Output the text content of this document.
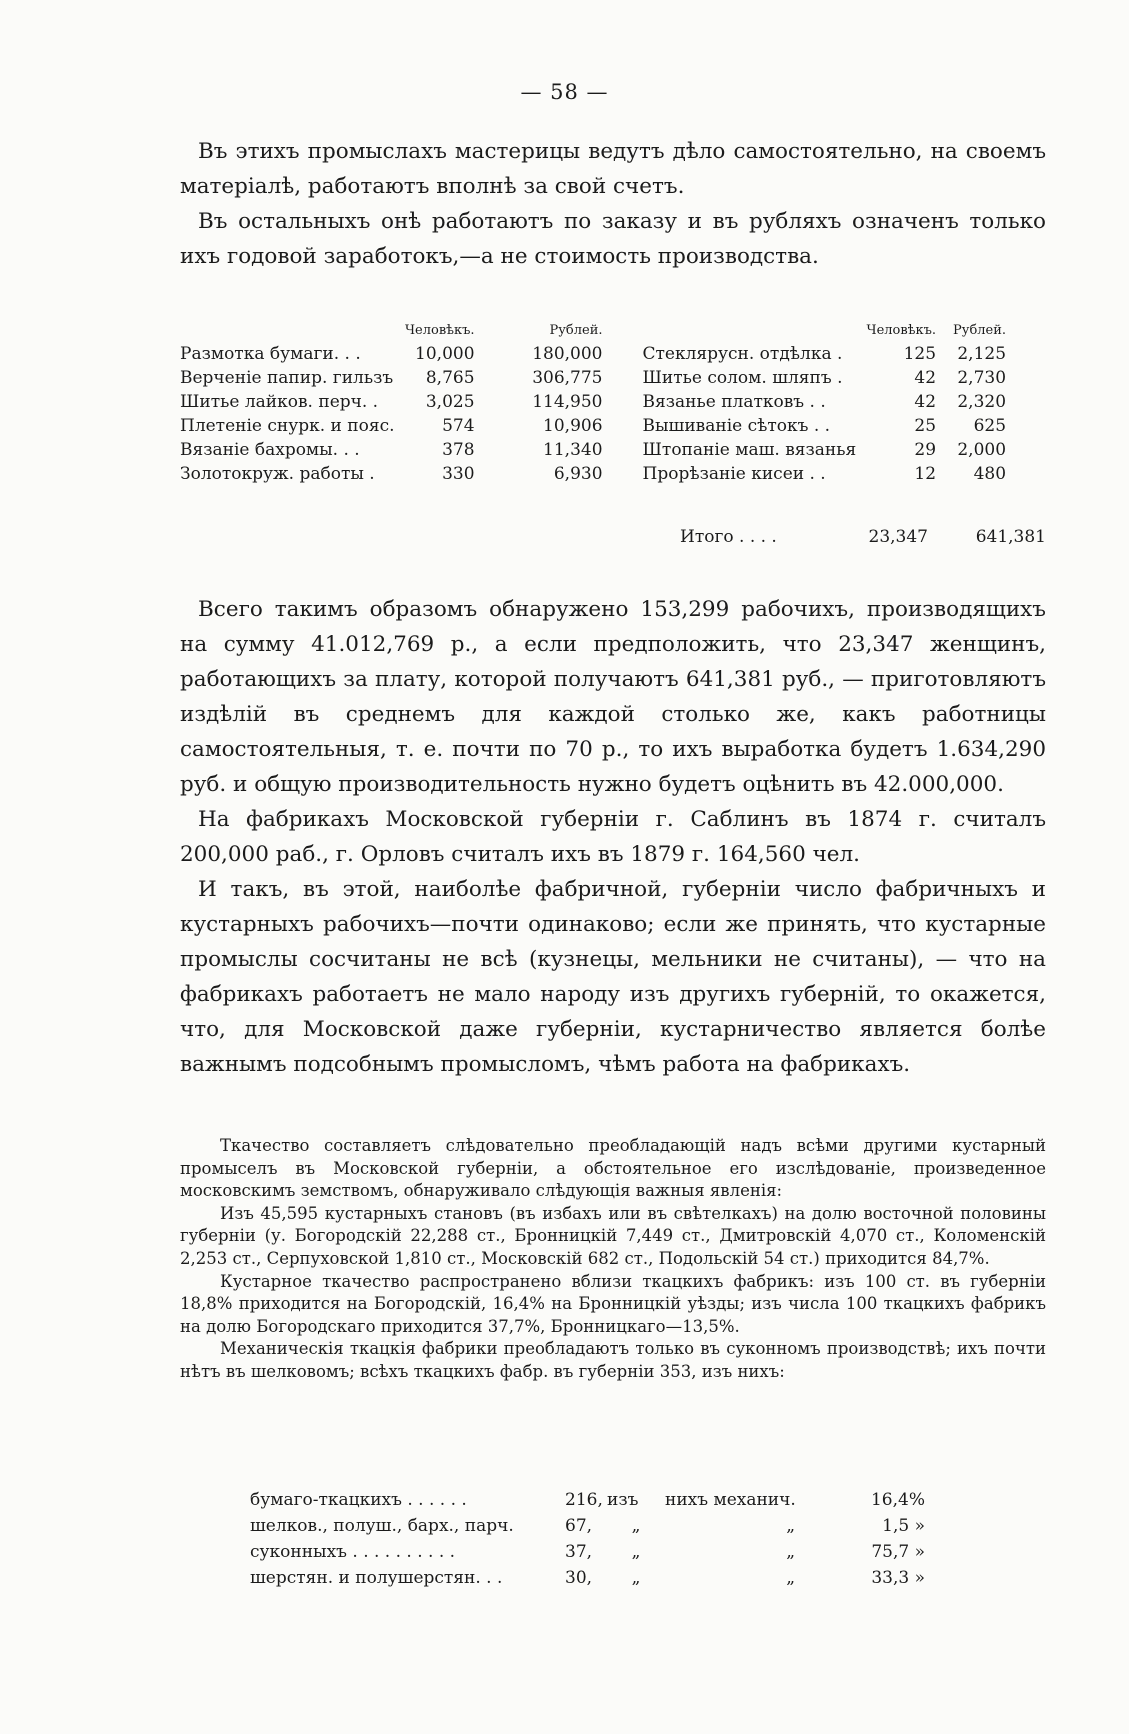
— 58 —

Въ этихъ промыслахъ мастерицы ведутъ дѣло самостоятельно, на своемъ матерiалѣ, работаютъ вполнѣ за свой счетъ.

Въ остальныхъ онѣ работаютъ по заказу и въ рубляхъ означенъ только ихъ годовой заработокъ,—а не стоимость производства.

	Человѣкъ.	Рублей.			Человѣкъ.	Рублей.
Размотка бумаги. . .	10,000	180,000		Стеклярусн. отдѣлка .	125	2,125
Верченiе папир. гильзъ	8,765	306,775		Шитье солом. шляпъ .	42	2,730
Шитье лайков. перч. .	3,025	114,950		Вязанье платковъ . .	42	2,320
Плетенiе снурк. и пояс.	574	10,906		Вышиванiе сѣтокъ . .	25	625
Вязанiе бахромы. . .	378	11,340		Штопанiе маш. вязанья	29	2,000
Золотокруж. работы .	330	6,930		Прорѣзанiе кисеи . .	12	480
Итого . . . .	23,347	641,381

Всего такимъ образомъ обнаружено 153,299 рабочихъ, производящихъ на сумму 41.012,769 р., а если предположить, что 23,347 женщинъ, работающихъ за плату, которой получаютъ 641,381 руб., — приготовляютъ издѣлiй въ среднемъ для каждой столько же, какъ работницы самостоятельныя, т. е. почти по 70 р., то ихъ выработка будетъ 1.634,290 руб. и общую производительность нужно будетъ оцѣнить въ 42.000,000.

На фабрикахъ Московской губернiи г. Саблинъ въ 1874 г. считалъ 200,000 раб., г. Орловъ считалъ ихъ въ 1879 г. 164,560 чел.

И такъ, въ этой, наиболѣе фабричной, губернiи число фабричныхъ и кустарныхъ рабочихъ—почти одинаково; если же принять, что кустарные промыслы сосчитаны не всѣ (кузнецы, мельники не считаны), — что на фабрикахъ работаетъ не мало народу изъ другихъ губернiй, то окажется, что, для Московской даже губернiи, кустарничество является болѣе важнымъ подсобнымъ промысломъ, чѣмъ работа на фабрикахъ.

Ткачество составляетъ слѣдовательно преобладающiй надъ всѣми другими кустарный промыселъ въ Московской губернiи, а обстоятельное его изслѣдованiе, произведенное московскимъ земствомъ, обнаруживало слѣдующiя важныя явленiя:

Изъ 45,595 кустарныхъ становъ (въ избахъ или въ свѣтелкахъ) на долю восточной половины губернiи (у. Богородскiй 22,288 ст., Бронницкiй 7,449 ст., Дмитровскiй 4,070 ст., Коломенскiй 2,253 ст., Серпуховской 1,810 ст., Московскiй 682 ст., Подольскiй 54 ст.) приходится 84,7%.

Кустарное ткачество распространено вблизи ткацкихъ фабрикъ: изъ 100 ст. въ губернiи 18,8% приходится на Богородскiй, 16,4% на Бронницкiй уѣзды; изъ числа 100 ткацкихъ фабрикъ на долю Богородскаго приходится 37,7%, Бронницкаго—13,5%.

Механическiя ткацкiя фабрики преобладаютъ только въ суконномъ производствѣ; ихъ почти нѣтъ въ шелковомъ; всѣхъ ткацкихъ фабр. въ губернiи 353, изъ нихъ:

бумаго-ткацкихъ . . . . . .	216,	изъ	нихъ механич.	16,4%
шелков., полуш., барх., парч.	67,	„	„	1,5 »
суконныхъ . . . . . . . . . .	37,	„	„	75,7 »
шерстян. и полушерстян. . .	30,	„	„	33,3 »
